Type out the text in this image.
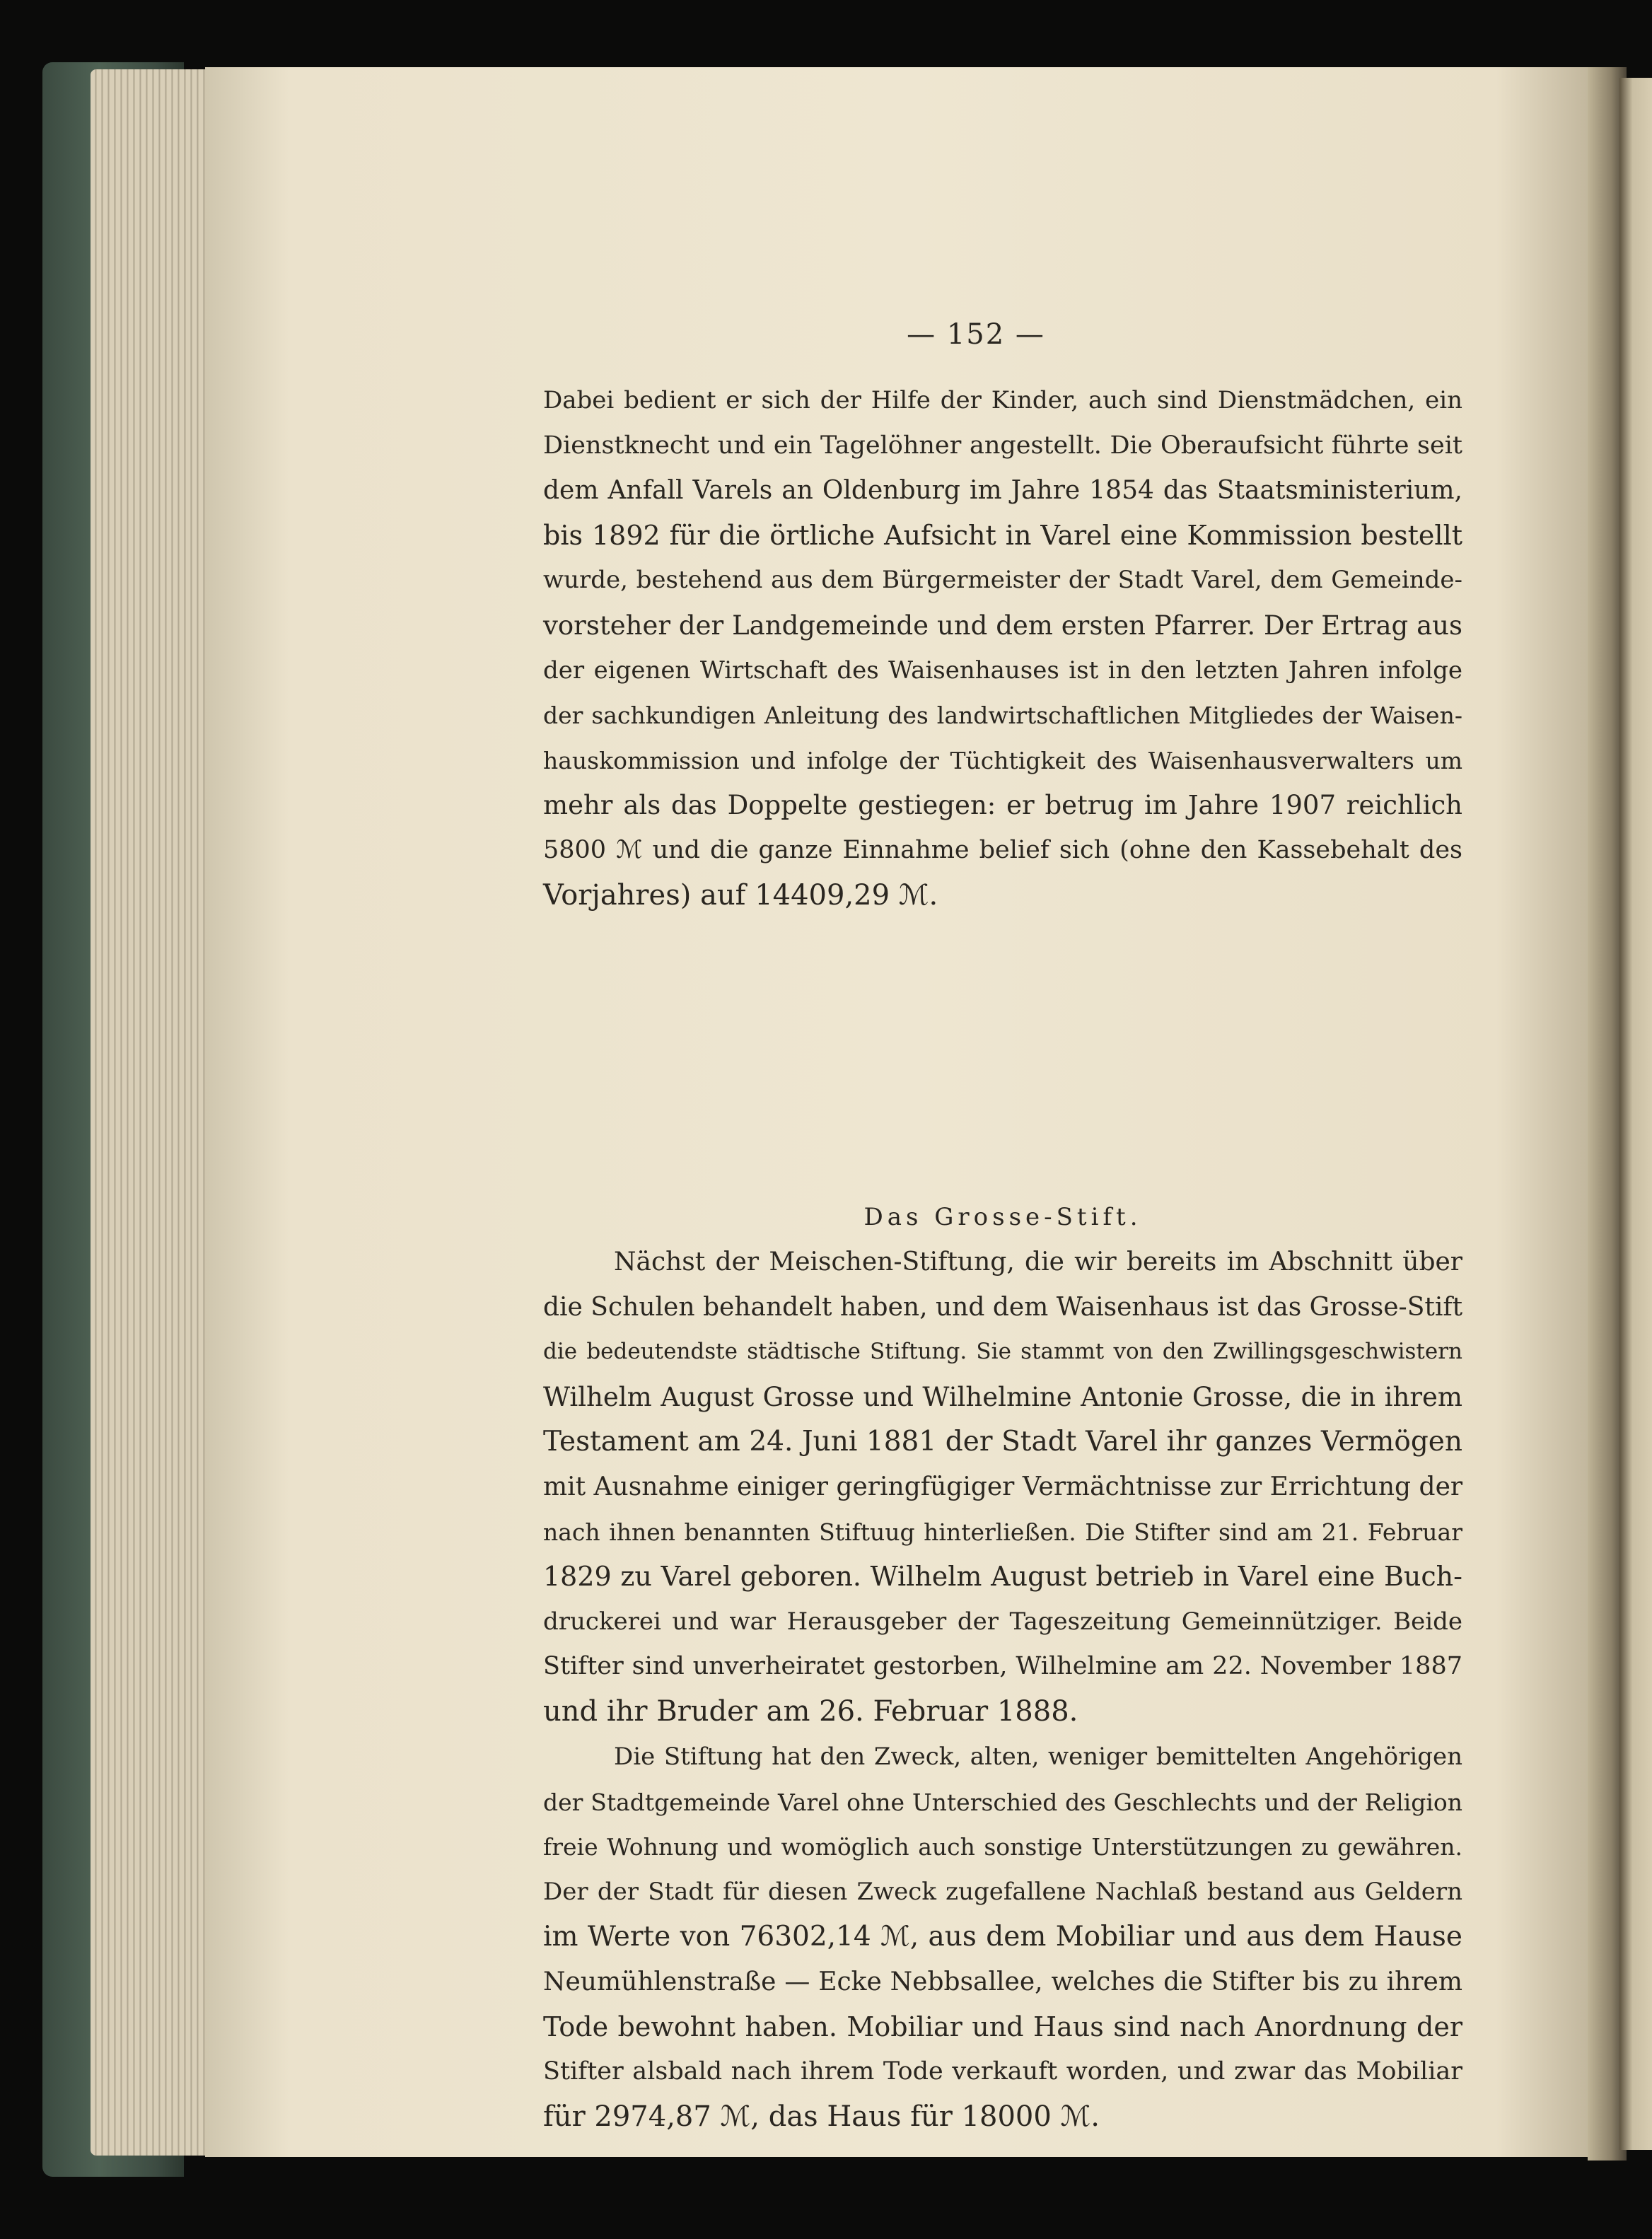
— 152 —
Dabei bedient er sich der Hilfe der Kinder, auch sind Dienstmädchen, ein
Dienstknecht und ein Tagelöhner angestellt. Die Oberaufsicht führte seit
dem Anfall Varels an Oldenburg im Jahre 1854 das Staatsministerium,
bis 1892 für die örtliche Aufsicht in Varel eine Kommission bestellt
wurde, bestehend aus dem Bürgermeister der Stadt Varel, dem Gemeinde-
vorsteher der Landgemeinde und dem ersten Pfarrer. Der Ertrag aus
der eigenen Wirtschaft des Waisenhauses ist in den letzten Jahren infolge
der sachkundigen Anleitung des landwirtschaftlichen Mitgliedes der Waisen-
hauskommission und infolge der Tüchtigkeit des Waisenhausverwalters um
mehr als das Doppelte gestiegen: er betrug im Jahre 1907 reichlich
5800 ℳ und die ganze Einnahme belief sich (ohne den Kassebehalt des
Vorjahres) auf 14409,29 ℳ.
Das Grosse-Stift.
Nächst der Meischen-Stiftung, die wir bereits im Abschnitt über
die Schulen behandelt haben, und dem Waisenhaus ist das Grosse-Stift
die bedeutendste städtische Stiftung. Sie stammt von den Zwillingsgeschwistern
Wilhelm August Grosse und Wilhelmine Antonie Grosse, die in ihrem
Testament am 24. Juni 1881 der Stadt Varel ihr ganzes Vermögen
mit Ausnahme einiger geringfügiger Vermächtnisse zur Errichtung der
nach ihnen benannten Stiftuug hinterließen. Die Stifter sind am 21. Februar
1829 zu Varel geboren. Wilhelm August betrieb in Varel eine Buch-
druckerei und war Herausgeber der Tageszeitung Gemeinnütziger. Beide
Stifter sind unverheiratet gestorben, Wilhelmine am 22. November 1887
und ihr Bruder am 26. Februar 1888.
Die Stiftung hat den Zweck, alten, weniger bemittelten Angehörigen
der Stadtgemeinde Varel ohne Unterschied des Geschlechts und der Religion
freie Wohnung und womöglich auch sonstige Unterstützungen zu gewähren.
Der der Stadt für diesen Zweck zugefallene Nachlaß bestand aus Geldern
im Werte von 76302,14 ℳ, aus dem Mobiliar und aus dem Hause
Neumühlenstraße — Ecke Nebbsallee, welches die Stifter bis zu ihrem
Tode bewohnt haben. Mobiliar und Haus sind nach Anordnung der
Stifter alsbald nach ihrem Tode verkauft worden, und zwar das Mobiliar
für 2974,87 ℳ, das Haus für 18000 ℳ.
